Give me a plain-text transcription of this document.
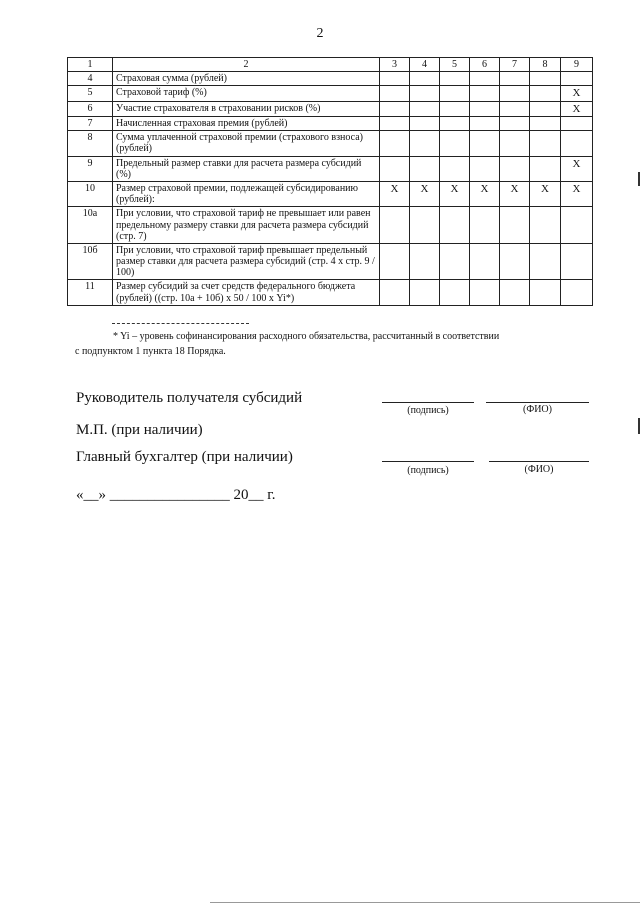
2
1	2	3	4	5	6	7	8	9
4	Страховая сумма (рублей)							
5	Страховой тариф (%)							X
6	Участие страхователя в страховании рисков (%)							X
7	Начисленная страховая премия (рублей)							
8	Сумма уплаченной страховой премии (страхового взноса) (рублей)							
9	Предельный размер ставки для расчета размера субсидий (%)							X
10	Размер страховой премии, подлежащей субсидированию (рублей):	X	X	X	X	X	X	X
10а	При условии, что страховой тариф не превышает или равен предельному размеру ставки для расчета размера субсидий (стр. 7)							
10б	При условии, что страховой тариф превышает предельный размер ставки для расчета размера субсидий (стр. 4 х стр. 9 / 100)							
11	Размер субсидий за счет средств федерального бюджета (рублей) ((стр. 10а + 10б) х 50 / 100 х Yi*)							
* Yi – уровень софинансирования расходного обязательства, рассчитанный в соответствии
с подпунктом 1 пункта 18 Порядка.
Руководитель получателя субсидий
(подпись)	(ФИО)
М.П. (при наличии)
Главный бухгалтер (при наличии)
(подпись)	(ФИО)
«__» ________________ 20__ г.
